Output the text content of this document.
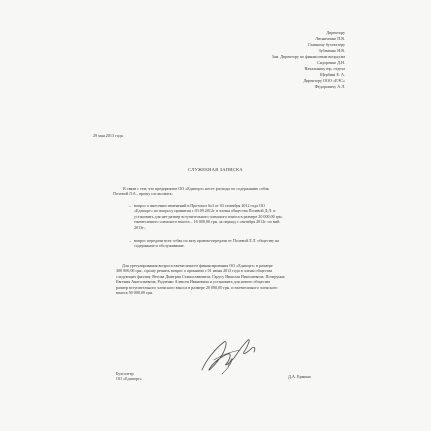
Директору
Лисниченко П.В.
Главному бухгалтеру
Зубаченко Н.В.
Зам. Директору по финансовым вопросам
Сидоренко Д.Н.
Начальнику юр. отдела
Щербині Е. А.
Директору ООО «ЕЭС»
Фёдоровичу А.Л.
29 мая 2013 года
СЛУЖЕБНАЯ ЗАПИСКА
В связи с тем, что предприятие ОО «Едипорт» несет расходы по содержанию собак
Полевой Л.А., прошу согласовать:
– вопрос о внесении изменений в Протокол №3 от 03 сентября 2012 года ОО
«Едипорт» по вопросу принятия с 03.09.2012г. в члены общества Полевой Д.Л. и
установить для нее размер вступительного членского взноса в размере 20 000,00 грн.
ежемесячного членского взноса – 16 000,00 грн. за период с сентября 2012г. по май
2013г.;
– вопрос передачи всех собак по акту приема-передачи от Полевой Л.Л. обществу на
содержание и обслуживание.
Для урегулирования вопроса ежемесячного финансирования ОО «Едипорт» в размере
300 000,00 грн., прошу решить вопрос о принятии с 01 июня 2013 года в члены общества
следующих физлиц: Ветова Дмитрия Станиславовича, Гарусу Николая Николаевича, Почерунна
Евгения Анатольевича, Радченко Алексея Ивановича и установить для нового общества
размер вступительного членского взноса в размере 20 000,00 грн. и ежемесячного членского
взноса 50 000,00 грн.
Бухгалтер
ОО «Едипорт»	Д.А. Ермина
